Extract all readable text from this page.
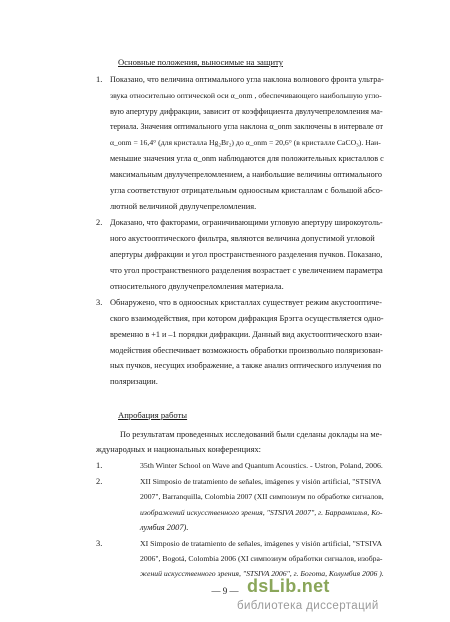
Основные положения, выносимые на защиту
1. Показано, что величина оптимального угла наклона волнового фронта ультра-
звука относительно оптической оси α_onm , обеспечивающего наибольшую угло-
вую апертуру дифракции, зависит от коэффициента двулучепреломления ма-
териала. Значения оптимального угла наклона α_onm заключены в интервале от
α_onm = 16,4° (для кристалла Hg₂Br₂) до α_onm = 20,6° (в кристалле CaCO₃). Наи-
меньшие значения угла α_onm наблюдаются для положительных кристаллов с
максимальным двулучепреломлением, а наибольшие величины оптимального
угла соответствуют отрицательным одноосным кристаллам с большой абсо-
лютной величиной двулучепреломления.
2. Доказано, что факторами, ограничивающими угловую апертуру широкоуголь-
ного акустооптического фильтра, являются величина допустимой угловой
апертуры дифракции и угол пространственного разделения пучков. Показано,
что угол пространственного разделения возрастает с увеличением параметра
относительного двулучепреломления материала.
3. Обнаружено, что в одноосных кристаллах существует режим акустооптиче-
ского взаимодействия, при котором дифракция Брэгга осуществляется одно-
временно в +1 и –1 порядки дифракции. Данный вид акустооптического взаи-
модействия обеспечивает возможность обработки произвольно поляризован-
ных пучков, несущих изображение, а также анализ оптического излучения по
поляризации.
Апробация работы
По результатам проведенных исследований были сделаны доклады на ме-
ждународных и национальных конференциях:
1.	35th Winter School on Wave and Quantum Acoustics. - Ustron, Poland, 2006.
2.	XII Simposio de tratamiento de señales, imágenes y visión artificial, "STSIVA
2007", Barranquilla, Colombia 2007 (XII симпозиум по обработке сигналов,
изображений искусственного зрения, "STSIVA 2007", г. Барранкилья, Ко-
лумбия 2007).
3.	XI Simposio de tratamiento de señales, imágenes y visión artificial, "STSIVA
2006", Bogotá, Colombia 2006 (XI симпозиум обработки сигналов, изобра-
жений искусственного зрения, "STSIVA 2006", г. Богота, Колумбия 2006 ).
— 9 — dsLib.net
библиотека диссертаций
